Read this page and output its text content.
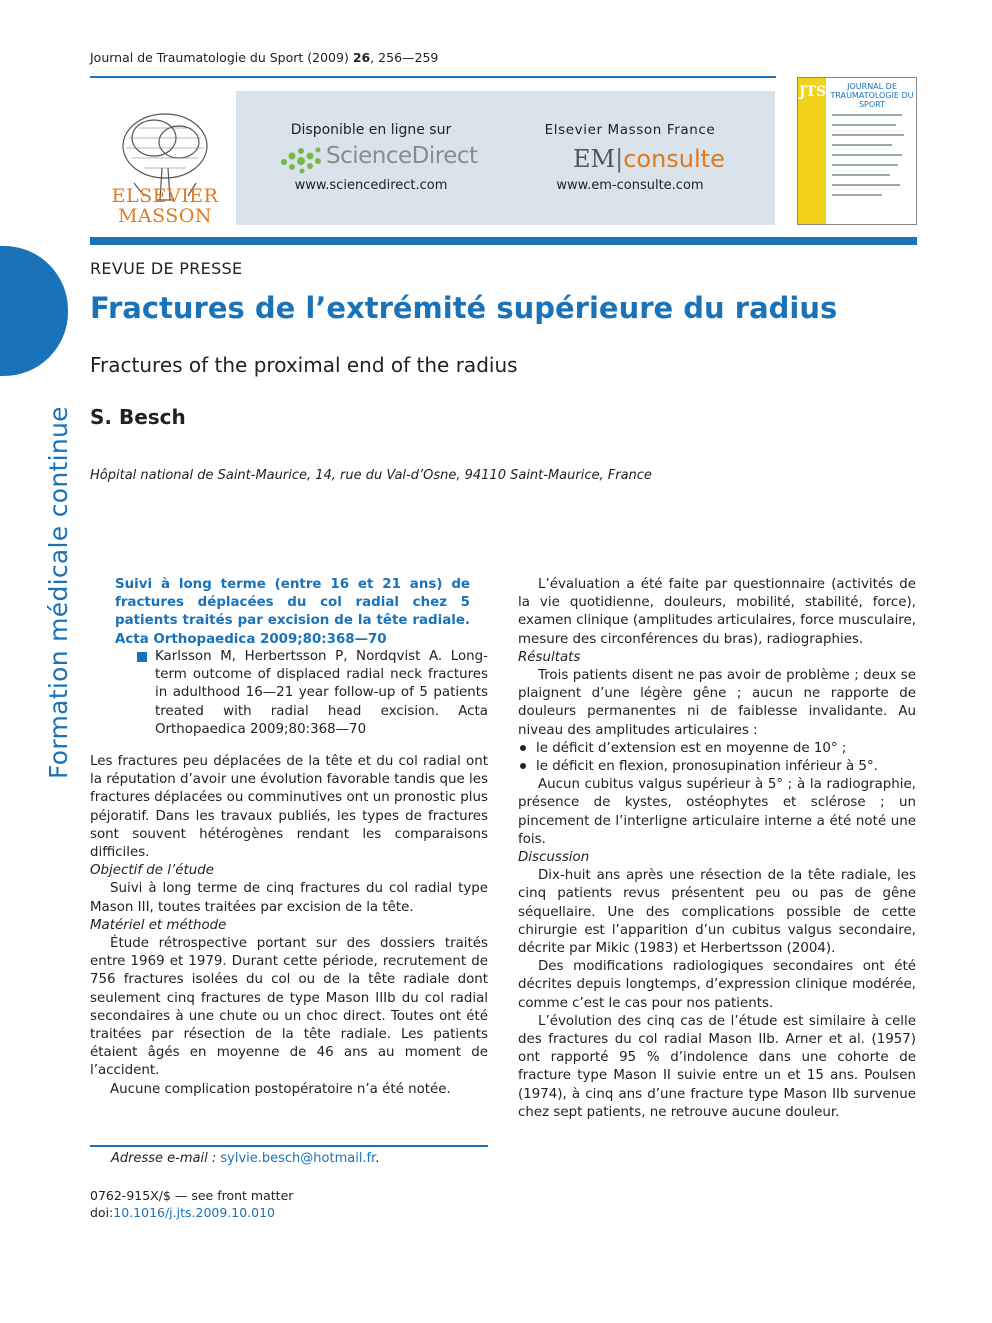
Journal de Traumatologie du Sport (2009) 26, 256—259
ELSEVIER
MASSON
Disponible en ligne sur
ScienceDirect
www.sciencedirect.com
Elsevier Masson France
EM|consulte
www.em-consulte.com
JTS	JOURNAL DE TRAUMATOLOGIE DU SPORT
Formation médicale continue
REVUE DE PRESSE
Fractures de l’extrémité supérieure du radius
Fractures of the proximal end of the radius
S. Besch
Hôpital national de Saint-Maurice, 14, rue du Val-d’Osne, 94110 Saint-Maurice, France
Suivi à long terme (entre 16 et 21 ans) de fractures déplacées du col radial chez 5 patients traités par excision de la tête radiale. Acta Orthopaedica 2009;80:368—70
Karlsson M, Herbertsson P, Nordqvist A. Long-term outcome of displaced radial neck fractures in adulthood 16—21 year follow-up of 5 patients treated with radial head excision. Acta Orthopaedica 2009;80:368—70

Les fractures peu déplacées de la tête et du col radial ont la réputation d’avoir une évolution favorable tandis que les fractures déplacées ou comminutives ont un pronostic plus péjoratif. Dans les travaux publiés, les types de fractures sont souvent hétérogènes rendant les comparaisons difficiles.

Objectif de l’étude

Suivi à long terme de cinq fractures du col radial type Mason III, toutes traitées par excision de la tête.

Matériel et méthode

Étude rétrospective portant sur des dossiers traités entre 1969 et 1979. Durant cette période, recrutement de 756 fractures isolées du col ou de la tête radiale dont seulement cinq fractures de type Mason IIIb du col radial secondaires à une chute ou un choc direct. Toutes ont été traitées par résection de la tête radiale. Les patients étaient âgés en moyenne de 46 ans au moment de l’accident.

Aucune complication postopératoire n’a été notée.

L’évaluation a été faite par questionnaire (activités de la vie quotidienne, douleurs, mobilité, stabilité, force), examen clinique (amplitudes articulaires, force musculaire, mesure des circonférences du bras), radiographies.

Résultats

Trois patients disent ne pas avoir de problème ; deux se plaignent d’une légère gêne ; aucun ne rapporte de douleurs permanentes ni de faiblesse invalidante. Au niveau des amplitudes articulaires :

le déficit d’extension est en moyenne de 10° ;

le déficit en flexion, pronosupination inférieur à 5°.

Aucun cubitus valgus supérieur à 5° ; à la radiographie, présence de kystes, ostéophytes et sclérose ; un pincement de l’interligne articulaire interne a été noté une fois.

Discussion

Dix-huit ans après une résection de la tête radiale, les cinq patients revus présentent peu ou pas de gêne séquellaire. Une des complications possible de cette chirurgie est l’apparition d’un cubitus valgus secondaire, décrite par Mikic (1983) et Herbertsson (2004).

Des modifications radiologiques secondaires ont été décrites depuis longtemps, d’expression clinique modérée, comme c’est le cas pour nos patients.

L’évolution des cinq cas de l’étude est similaire à celle des fractures du col radial Mason IIb. Arner et al. (1957) ont rapporté 95 % d’indolence dans une cohorte de fracture type Mason II suivie entre un et 15 ans. Poulsen (1974), à cinq ans d’une fracture type Mason IIb survenue chez sept patients, ne retrouve aucune douleur.

Adresse e-mail : sylvie.besch@hotmail.fr.
0762-915X/$ — see front matter
doi:10.1016/j.jts.2009.10.010
